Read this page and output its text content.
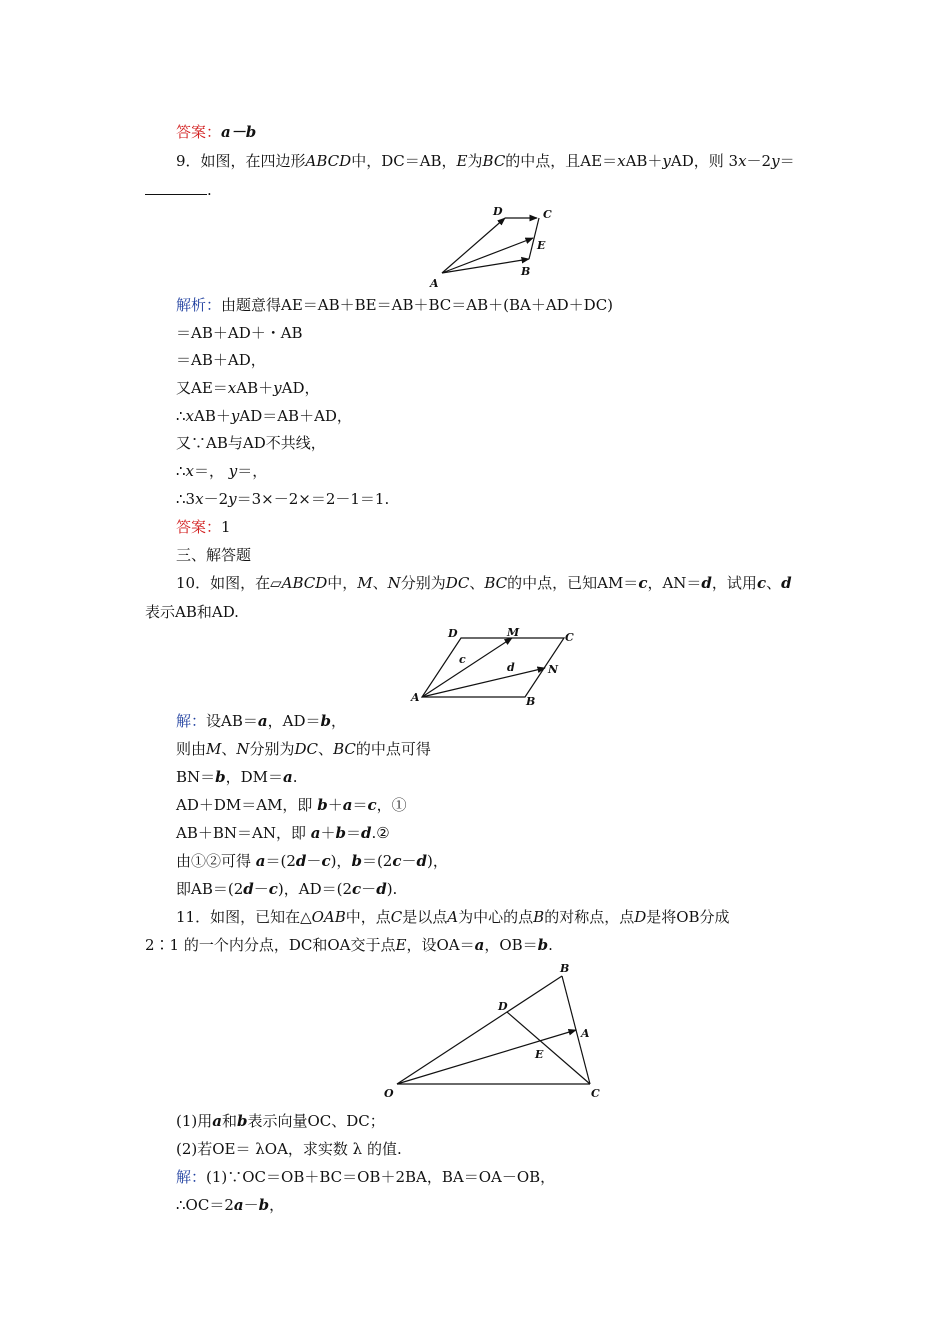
答案：a－b
9．如图，在四边形ABCD中，DC＝AB，E为BC的中点，且AE＝xAB＋yAD，则 3x－2y＝
.
D	C
E
A
B
解析：由题意得AE＝AB＋BE＝AB＋BC＝AB＋(BA＋AD＋DC)
＝AB＋AD＋・AB
＝AB＋AD，
又AE＝xAB＋yAD，
∴xAB＋yAD＝AB＋AD，
又∵AB与AD不共线，
∴x＝， y＝，
∴3x－2y＝3×－2×＝2－1＝1.
答案：1
三、解答题
10．如图，在▱ABCD中，M、N分别为DC、BC的中点，已知AM＝c，AN＝d，试用c、d
表示AB和AD.
D	M	C
c
d	N
A	B
解：设AB＝a，AD＝b，
则由M、N分别为DC、BC的中点可得
BN＝b，DM＝a.
AD＋DM＝AM，即 b＋a＝c，①
AB＋BN＝AN，即 a＋b＝d.②
由①②可得 a＝(2d－c)，b＝(2c－d)，
即AB＝(2d－c)，AD＝(2c－d).
11．如图，已知在△OAB中，点C是以点A为中心的点B的对称点，点D是将OB分成
2∶1 的一个内分点，DC和OA交于点E，设OA＝a，OB＝b.
B
D
A
E
O	C
(1)用a和b表示向量OC、DC；
(2)若OE＝ λOA，求实数 λ 的值.
解：(1)∵OC＝OB＋BC＝OB＋2BA，BA＝OA－OB，
∴OC＝2a－b，
